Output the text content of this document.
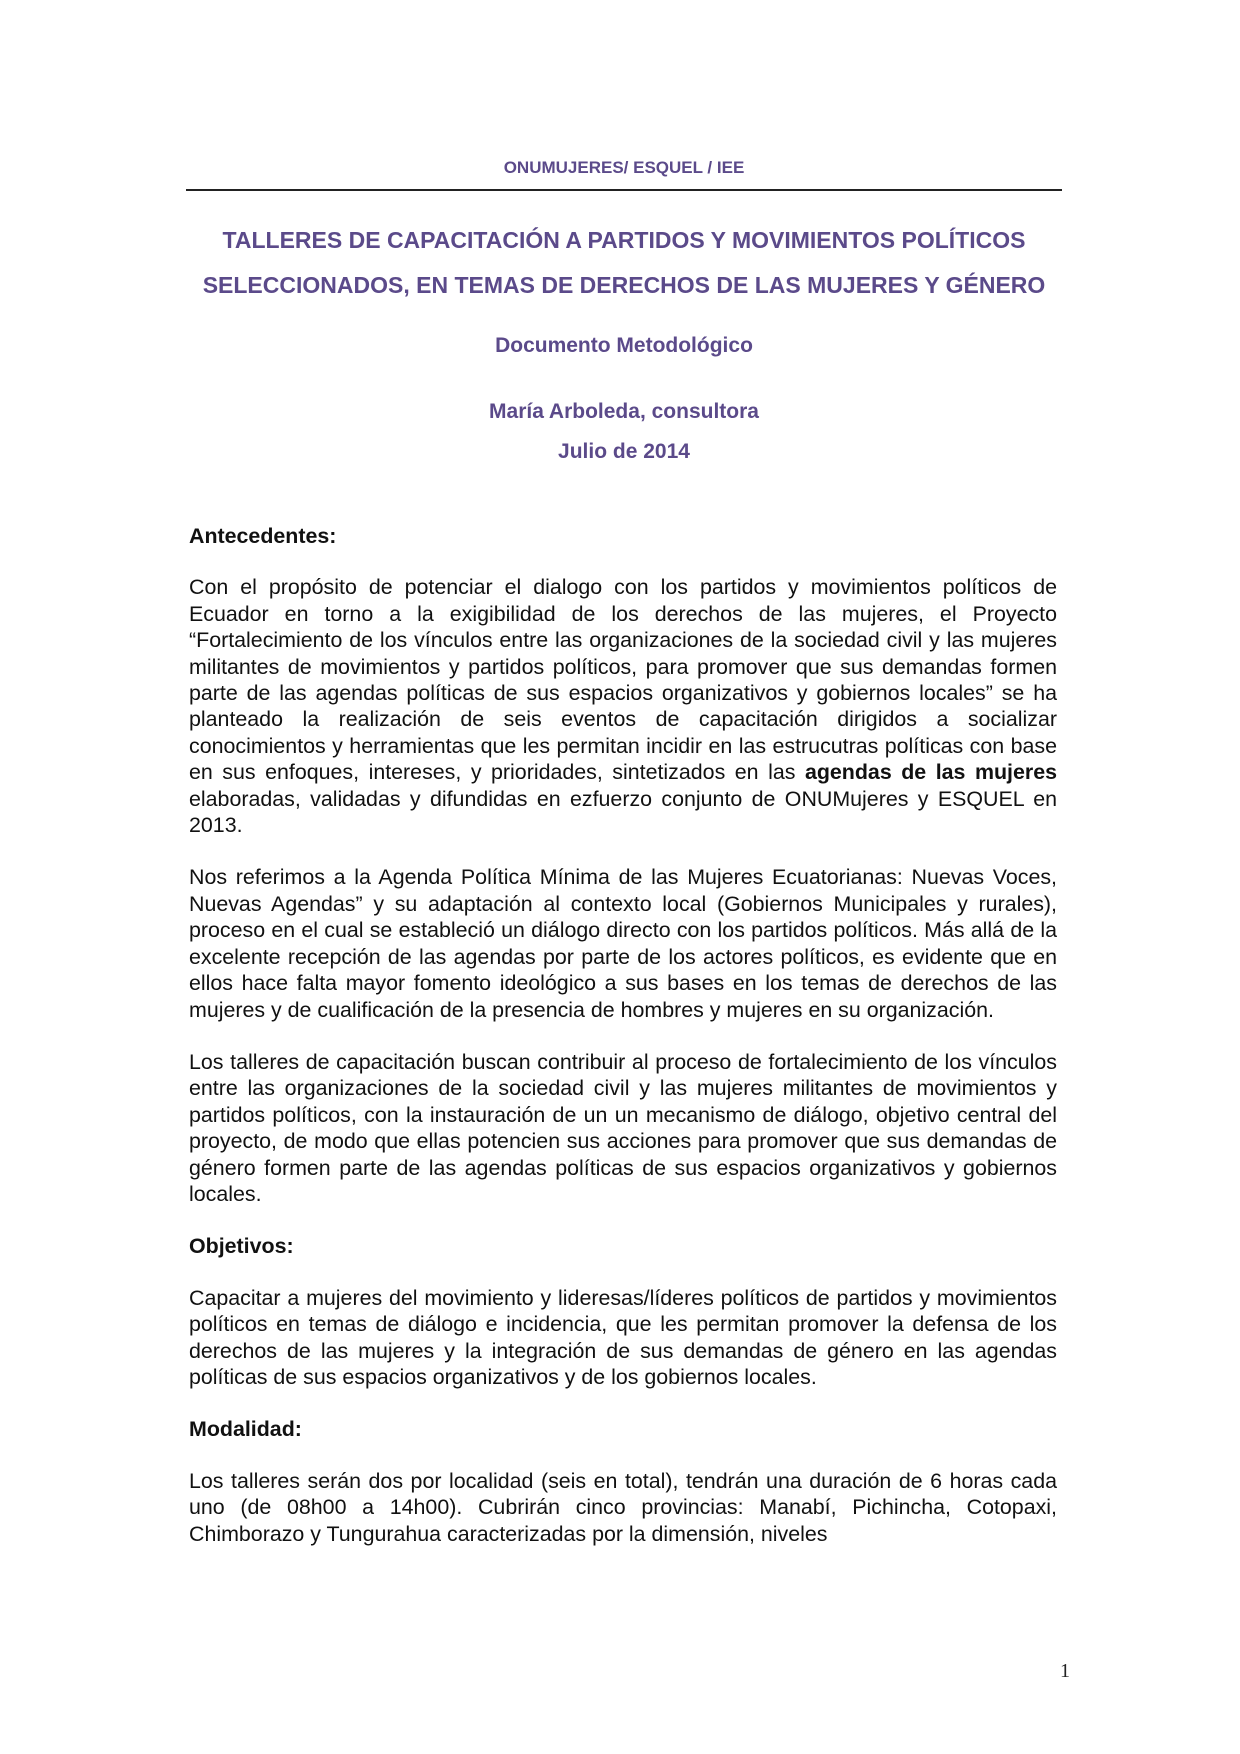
ONUMUJERES/ ESQUEL / IEE
TALLERES DE CAPACITACIÓN A PARTIDOS Y MOVIMIENTOS POLÍTICOS
SELECCIONADOS, EN TEMAS DE DERECHOS DE LAS MUJERES Y GÉNERO
Documento Metodológico
María Arboleda, consultora
Julio de 2014
Antecedentes:

Con el propósito de potenciar el dialogo con los partidos y movimientos políticos de Ecuador en torno a la exigibilidad de los derechos de las mujeres, el Proyecto “Fortalecimiento de los vínculos entre las organizaciones de la sociedad civil y las mujeres militantes de movimientos y partidos políticos, para promover que sus demandas formen parte de las agendas políticas de sus espacios organizativos y gobiernos locales” se ha planteado la realización de seis eventos de capacitación dirigidos a socializar conocimientos y herramientas que les permitan incidir en las estrucutras políticas con base en sus enfoques, intereses, y prioridades, sintetizados en las agendas de las mujeres elaboradas, validadas y difundidas en ezfuerzo conjunto de ONUMujeres y ESQUEL en 2013.

Nos referimos a la Agenda Política Mínima de las Mujeres Ecuatorianas: Nuevas Voces, Nuevas Agendas” y su adaptación al contexto local (Gobiernos Municipales y rurales), proceso en el cual se estableció un diálogo directo con los partidos políticos. Más allá de la excelente recepción de las agendas por parte de los actores políticos, es evidente que en ellos hace falta mayor fomento ideológico a sus bases en los temas de derechos de las mujeres y de cualificación de la presencia de hombres y mujeres en su organización.

Los talleres de capacitación buscan contribuir al proceso de fortalecimiento de los vínculos entre las organizaciones de la sociedad civil y las mujeres militantes de movimientos y partidos políticos, con la instauración de un un mecanismo de diálogo, objetivo central del proyecto, de modo que ellas potencien sus acciones para promover que sus demandas de género formen parte de las agendas políticas de sus espacios organizativos y gobiernos locales.

Objetivos:

Capacitar a mujeres del movimiento y lideresas/líderes políticos de partidos y movimientos políticos en temas de diálogo e incidencia, que les permitan promover la defensa de los derechos de las mujeres y la integración de sus demandas de género en las agendas políticas de sus espacios organizativos y de los gobiernos locales.

Modalidad:

Los talleres serán dos por localidad (seis en total), tendrán una duración de 6 horas cada uno (de 08h00 a 14h00). Cubrirán cinco provincias: Manabí, Pichincha, Cotopaxi, Chimborazo y Tungurahua caracterizadas por la dimensión, niveles

1
